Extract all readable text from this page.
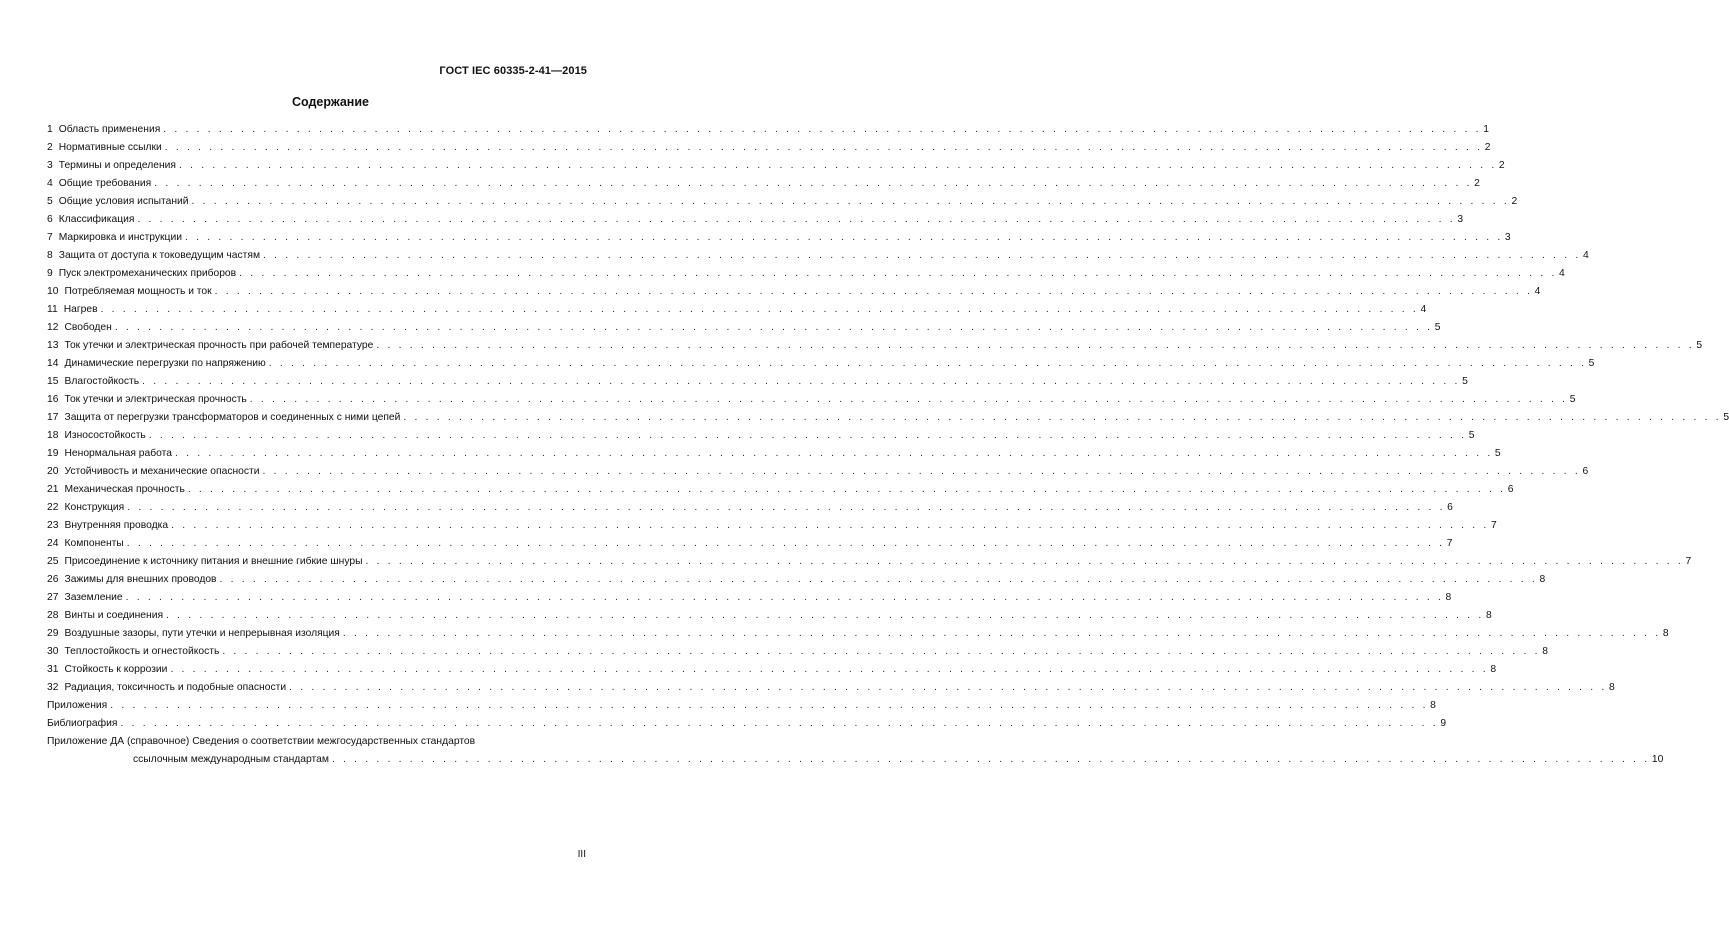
ГОСТ IEC 60335-2-41—2015
Содержание
1 Область применения . . . . . . . . . . . . . . . . . . . . . . . . . . . . . . . . . . . . . . . . . . . . . . . . . . . . . . . . . . . . . . . . . . . . . . . . . . . . . . . . . . . . . . . . . . . . . . . . . . . . . . . . . . . . . . . . . . . . . . . 1
2 Нормативные ссылки . . . . . . . . . . . . . . . . . . . . . . . . . . . . . . . . . . . . . . . . . . . . . . . . . . . . . . . . . . . . . . . . . . . . . . . . . . . . . . . . . . . . . . . . . . . . . . . . . . . . . . . . . . . . . . . . . . . . . . . 2
3 Термины и определения . . . . . . . . . . . . . . . . . . . . . . . . . . . . . . . . . . . . . . . . . . . . . . . . . . . . . . . . . . . . . . . . . . . . . . . . . . . . . . . . . . . . . . . . . . . . . . . . . . . . . . . . . . . . . . . . . . . . . . . 2
4 Общие требования . . . . . . . . . . . . . . . . . . . . . . . . . . . . . . . . . . . . . . . . . . . . . . . . . . . . . . . . . . . . . . . . . . . . . . . . . . . . . . . . . . . . . . . . . . . . . . . . . . . . . . . . . . . . . . . . . . . . . . . 2
5 Общие условия испытаний . . . . . . . . . . . . . . . . . . . . . . . . . . . . . . . . . . . . . . . . . . . . . . . . . . . . . . . . . . . . . . . . . . . . . . . . . . . . . . . . . . . . . . . . . . . . . . . . . . . . . . . . . . . . . . . . . . . . . . . 2
6 Классификация . . . . . . . . . . . . . . . . . . . . . . . . . . . . . . . . . . . . . . . . . . . . . . . . . . . . . . . . . . . . . . . . . . . . . . . . . . . . . . . . . . . . . . . . . . . . . . . . . . . . . . . . . . . . . . . . . . . . . . . 3
7 Маркировка и инструкции . . . . . . . . . . . . . . . . . . . . . . . . . . . . . . . . . . . . . . . . . . . . . . . . . . . . . . . . . . . . . . . . . . . . . . . . . . . . . . . . . . . . . . . . . . . . . . . . . . . . . . . . . . . . . . . . . . . . . . . 3
8 Защита от доступа к токоведущим частям . . . . . . . . . . . . . . . . . . . . . . . . . . . . . . . . . . . . . . . . . . . . . . . . . . . . . . . . . . . . . . . . . . . . . . . . . . . . . . . . . . . . . . . . . . . . . . . . . . . . . . . . . . . . . . . . . . . . . . . 4
9 Пуск электромеханических приборов . . . . . . . . . . . . . . . . . . . . . . . . . . . . . . . . . . . . . . . . . . . . . . . . . . . . . . . . . . . . . . . . . . . . . . . . . . . . . . . . . . . . . . . . . . . . . . . . . . . . . . . . . . . . . . . . . . . . . . . 4
10 Потребляемая мощность и ток . . . . . . . . . . . . . . . . . . . . . . . . . . . . . . . . . . . . . . . . . . . . . . . . . . . . . . . . . . . . . . . . . . . . . . . . . . . . . . . . . . . . . . . . . . . . . . . . . . . . . . . . . . . . . . . . . . . . . . . 4
11 Нагрев . . . . . . . . . . . . . . . . . . . . . . . . . . . . . . . . . . . . . . . . . . . . . . . . . . . . . . . . . . . . . . . . . . . . . . . . . . . . . . . . . . . . . . . . . . . . . . . . . . . . . . . . . . . . . . . . . . . . . . . 4
12 Свободен . . . . . . . . . . . . . . . . . . . . . . . . . . . . . . . . . . . . . . . . . . . . . . . . . . . . . . . . . . . . . . . . . . . . . . . . . . . . . . . . . . . . . . . . . . . . . . . . . . . . . . . . . . . . . . . . . . . . . . . 5
13 Ток утечки и электрическая прочность при рабочей температуре . . . . . . . . . . . . . . . . . . . . . . . . . . . . . . . . . . . . . . . . . . . . . . . . . . . . . . . . . . . . . . . . . . . . . . . . . . . . . . . . . . . . . . . . . . . . . . . . . . . . . . . . . . . . . . . . . . . . . . . 5
14 Динамические перегрузки по напряжению . . . . . . . . . . . . . . . . . . . . . . . . . . . . . . . . . . . . . . . . . . . . . . . . . . . . . . . . . . . . . . . . . . . . . . . . . . . . . . . . . . . . . . . . . . . . . . . . . . . . . . . . . . . . . . . . . . . . . . . 5
15 Влагостойкость . . . . . . . . . . . . . . . . . . . . . . . . . . . . . . . . . . . . . . . . . . . . . . . . . . . . . . . . . . . . . . . . . . . . . . . . . . . . . . . . . . . . . . . . . . . . . . . . . . . . . . . . . . . . . . . . . . . . . . . 5
16 Ток утечки и электрическая прочность . . . . . . . . . . . . . . . . . . . . . . . . . . . . . . . . . . . . . . . . . . . . . . . . . . . . . . . . . . . . . . . . . . . . . . . . . . . . . . . . . . . . . . . . . . . . . . . . . . . . . . . . . . . . . . . . . . . . . . . 5
17 Защита от перегрузки трансформаторов и соединенных с ними цепей . . . . . . . . . . . . . . . . . . . . . . . . . . . . . . . . . . . . . . . . . . . . . . . . . . . . . . . . . . . . . . . . . . . . . . . . . . . . . . . . . . . . . . . . . . . . . . . . . . . . . . . . . . . . . . . . . . . . . . . 5
18 Износостойкость . . . . . . . . . . . . . . . . . . . . . . . . . . . . . . . . . . . . . . . . . . . . . . . . . . . . . . . . . . . . . . . . . . . . . . . . . . . . . . . . . . . . . . . . . . . . . . . . . . . . . . . . . . . . . . . . . . . . . . . 5
19 Ненормальная работа . . . . . . . . . . . . . . . . . . . . . . . . . . . . . . . . . . . . . . . . . . . . . . . . . . . . . . . . . . . . . . . . . . . . . . . . . . . . . . . . . . . . . . . . . . . . . . . . . . . . . . . . . . . . . . . . . . . . . . . 5
20 Устойчивость и механические опасности . . . . . . . . . . . . . . . . . . . . . . . . . . . . . . . . . . . . . . . . . . . . . . . . . . . . . . . . . . . . . . . . . . . . . . . . . . . . . . . . . . . . . . . . . . . . . . . . . . . . . . . . . . . . . . . . . . . . . . . 6
21 Механическая прочность . . . . . . . . . . . . . . . . . . . . . . . . . . . . . . . . . . . . . . . . . . . . . . . . . . . . . . . . . . . . . . . . . . . . . . . . . . . . . . . . . . . . . . . . . . . . . . . . . . . . . . . . . . . . . . . . . . . . . . . 6
22 Конструкция . . . . . . . . . . . . . . . . . . . . . . . . . . . . . . . . . . . . . . . . . . . . . . . . . . . . . . . . . . . . . . . . . . . . . . . . . . . . . . . . . . . . . . . . . . . . . . . . . . . . . . . . . . . . . . . . . . . . . . . 6
23 Внутренняя проводка . . . . . . . . . . . . . . . . . . . . . . . . . . . . . . . . . . . . . . . . . . . . . . . . . . . . . . . . . . . . . . . . . . . . . . . . . . . . . . . . . . . . . . . . . . . . . . . . . . . . . . . . . . . . . . . . . . . . . . . 7
24 Компоненты . . . . . . . . . . . . . . . . . . . . . . . . . . . . . . . . . . . . . . . . . . . . . . . . . . . . . . . . . . . . . . . . . . . . . . . . . . . . . . . . . . . . . . . . . . . . . . . . . . . . . . . . . . . . . . . . . . . . . . . 7
25 Присоединение к источнику питания и внешние гибкие шнуры . . . . . . . . . . . . . . . . . . . . . . . . . . . . . . . . . . . . . . . . . . . . . . . . . . . . . . . . . . . . . . . . . . . . . . . . . . . . . . . . . . . . . . . . . . . . . . . . . . . . . . . . . . . . . . . . . . . . . . . 7
26 Зажимы для внешних проводов . . . . . . . . . . . . . . . . . . . . . . . . . . . . . . . . . . . . . . . . . . . . . . . . . . . . . . . . . . . . . . . . . . . . . . . . . . . . . . . . . . . . . . . . . . . . . . . . . . . . . . . . . . . . . . . . . . . . . . . 8
27 Заземление . . . . . . . . . . . . . . . . . . . . . . . . . . . . . . . . . . . . . . . . . . . . . . . . . . . . . . . . . . . . . . . . . . . . . . . . . . . . . . . . . . . . . . . . . . . . . . . . . . . . . . . . . . . . . . . . . . . . . . . 8
28 Винты и соединения . . . . . . . . . . . . . . . . . . . . . . . . . . . . . . . . . . . . . . . . . . . . . . . . . . . . . . . . . . . . . . . . . . . . . . . . . . . . . . . . . . . . . . . . . . . . . . . . . . . . . . . . . . . . . . . . . . . . . . . 8
29 Воздушные зазоры, пути утечки и непрерывная изоляция . . . . . . . . . . . . . . . . . . . . . . . . . . . . . . . . . . . . . . . . . . . . . . . . . . . . . . . . . . . . . . . . . . . . . . . . . . . . . . . . . . . . . . . . . . . . . . . . . . . . . . . . . . . . . . . . . . . . . . . 8
30 Теплостойкость и огнестойкость . . . . . . . . . . . . . . . . . . . . . . . . . . . . . . . . . . . . . . . . . . . . . . . . . . . . . . . . . . . . . . . . . . . . . . . . . . . . . . . . . . . . . . . . . . . . . . . . . . . . . . . . . . . . . . . . . . . . . . . 8
31 Стойкость к коррозии . . . . . . . . . . . . . . . . . . . . . . . . . . . . . . . . . . . . . . . . . . . . . . . . . . . . . . . . . . . . . . . . . . . . . . . . . . . . . . . . . . . . . . . . . . . . . . . . . . . . . . . . . . . . . . . . . . . . . . . 8
32 Радиация, токсичность и подобные опасности . . . . . . . . . . . . . . . . . . . . . . . . . . . . . . . . . . . . . . . . . . . . . . . . . . . . . . . . . . . . . . . . . . . . . . . . . . . . . . . . . . . . . . . . . . . . . . . . . . . . . . . . . . . . . . . . . . . . . . . 8
Приложения . . . . . . . . . . . . . . . . . . . . . . . . . . . . . . . . . . . . . . . . . . . . . . . . . . . . . . . . . . . . . . . . . . . . . . . . . . . . . . . . . . . . . . . . . . . . . . . . . . . . . . . . . . . . . . . . . . . . . . . 8
Библиография . . . . . . . . . . . . . . . . . . . . . . . . . . . . . . . . . . . . . . . . . . . . . . . . . . . . . . . . . . . . . . . . . . . . . . . . . . . . . . . . . . . . . . . . . . . . . . . . . . . . . . . . . . . . . . . . . . . . . . . 9
Приложение ДА (справочное) Сведения о соответствии межгосударственных стандартов
ссылочным международным стандартам . . . . . . . . . . . . . . . . . . . . . . . . . . . . . . . . . . . . . . . . . . . . . . . . . . . . . . . . . . . . . . . . . . . . . . . . . . . . . . . . . . . . . . . . . . . . . . . . . . . . . . . . . . . . . . . . . . . . . . . 10
III
